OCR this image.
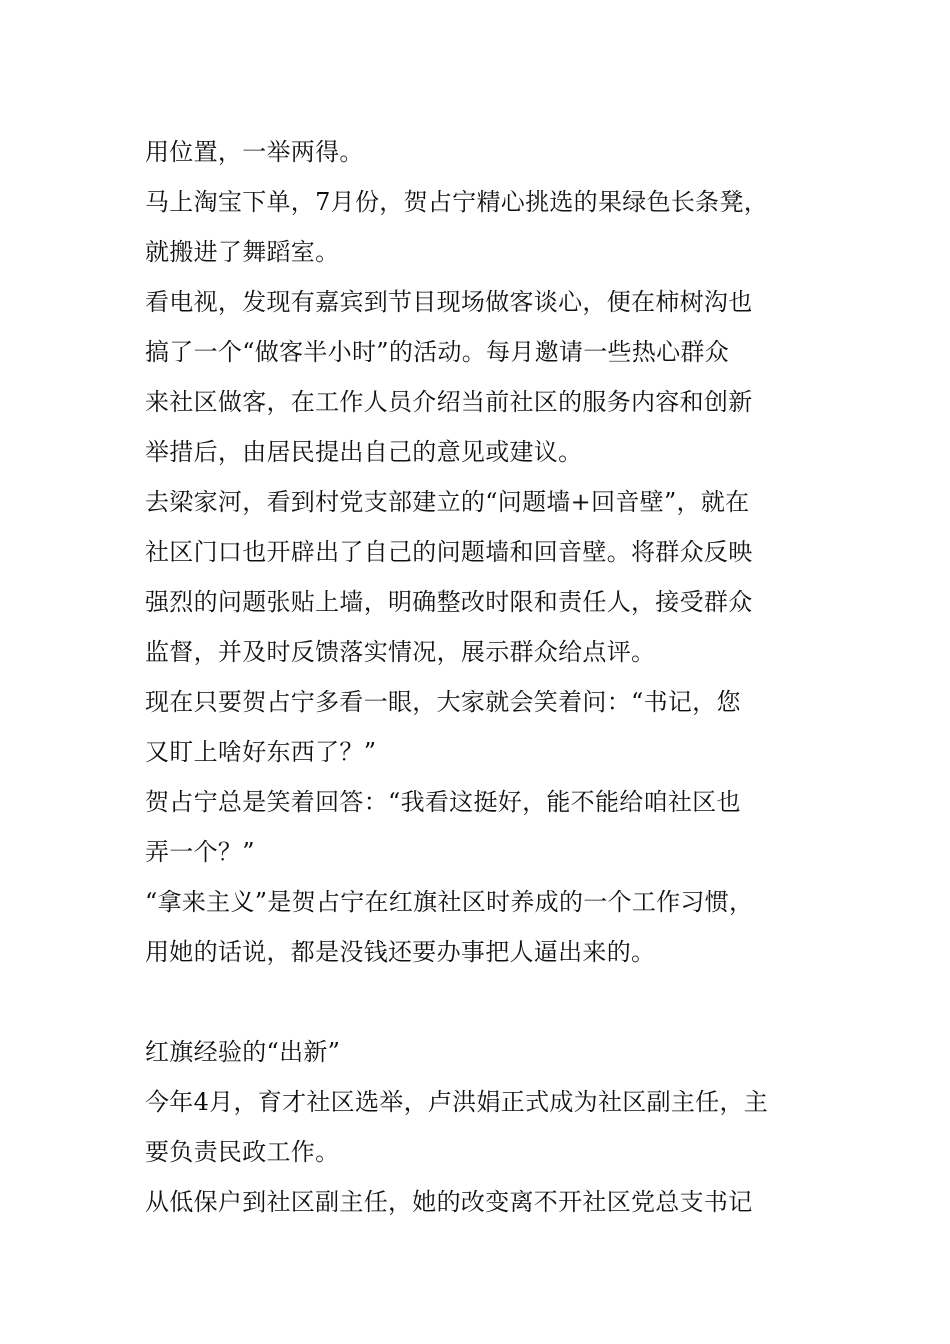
用位置，一举两得。
马上淘宝下单，7月份，贺占宁精心挑选的果绿色长条凳，
就搬进了舞蹈室。
看电视，发现有嘉宾到节目现场做客谈心，便在柿树沟也
搞了一个“做客半小时”的活动。每月邀请一些热心群众
来社区做客，在工作人员介绍当前社区的服务内容和创新
举措后，由居民提出自己的意见或建议。
去梁家河，看到村党支部建立的“问题墙+回音壁”，就在
社区门口也开辟出了自己的问题墙和回音壁。将群众反映
强烈的问题张贴上墙，明确整改时限和责任人，接受群众
监督，并及时反馈落实情况，展示群众给点评。
现在只要贺占宁多看一眼，大家就会笑着问：“书记，您
又盯上啥好东西了？”
贺占宁总是笑着回答：“我看这挺好，能不能给咱社区也
弄一个？”
“拿来主义”是贺占宁在红旗社区时养成的一个工作习惯，
用她的话说，都是没钱还要办事把人逼出来的。
红旗经验的“出新”
今年4月，育才社区选举，卢洪娟正式成为社区副主任，主
要负责民政工作。
从低保户到社区副主任，她的改变离不开社区党总支书记
